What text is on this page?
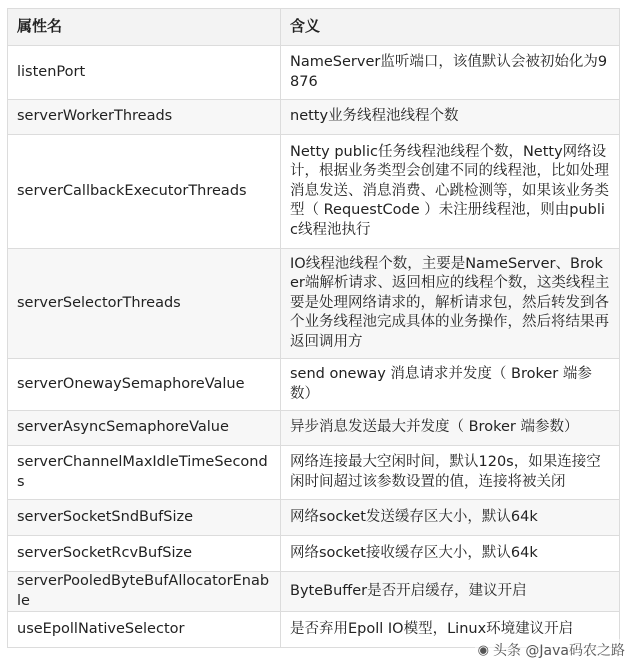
属性名	含义
listenPort	NameServer监听端口，该值默认会被初始化为9876
serverWorkerThreads	netty业务线程池线程个数
serverCallbackExecutorThreads	Netty public任务线程池线程个数，Netty网络设计，根据业务类型会创建不同的线程池，比如处理消息发送、消息消费、心跳检测等，如果该业务类型（ RequestCode ）未注册线程池，则由public线程池执行
serverSelectorThreads	IO线程池线程个数，主要是NameServer、Broker端解析请求、返回相应的线程个数，这类线程主要是处理网络请求的，解析请求包，然后转发到各个业务线程池完成具体的业务操作，然后将结果再返回调用方
serverOnewaySemaphoreValue	send oneway 消息请求并发度（ Broker 端参数）
serverAsyncSemaphoreValue	异步消息发送最大并发度（ Broker 端参数）
serverChannelMaxIdleTimeSeconds	网络连接最大空闲时间，默认120s，如果连接空闲时间超过该参数设置的值，连接将被关闭
serverSocketSndBufSize	网络socket发送缓存区大小，默认64k
serverSocketRcvBufSize	网络socket接收缓存区大小，默认64k
serverPooledByteBufAllocatorEnable	ByteBuffer是否开启缓存，建议开启
useEpollNativeSelector	是否弃用Epoll IO模型，Linux环境建议开启
◉ 头条 @Java码农之路
